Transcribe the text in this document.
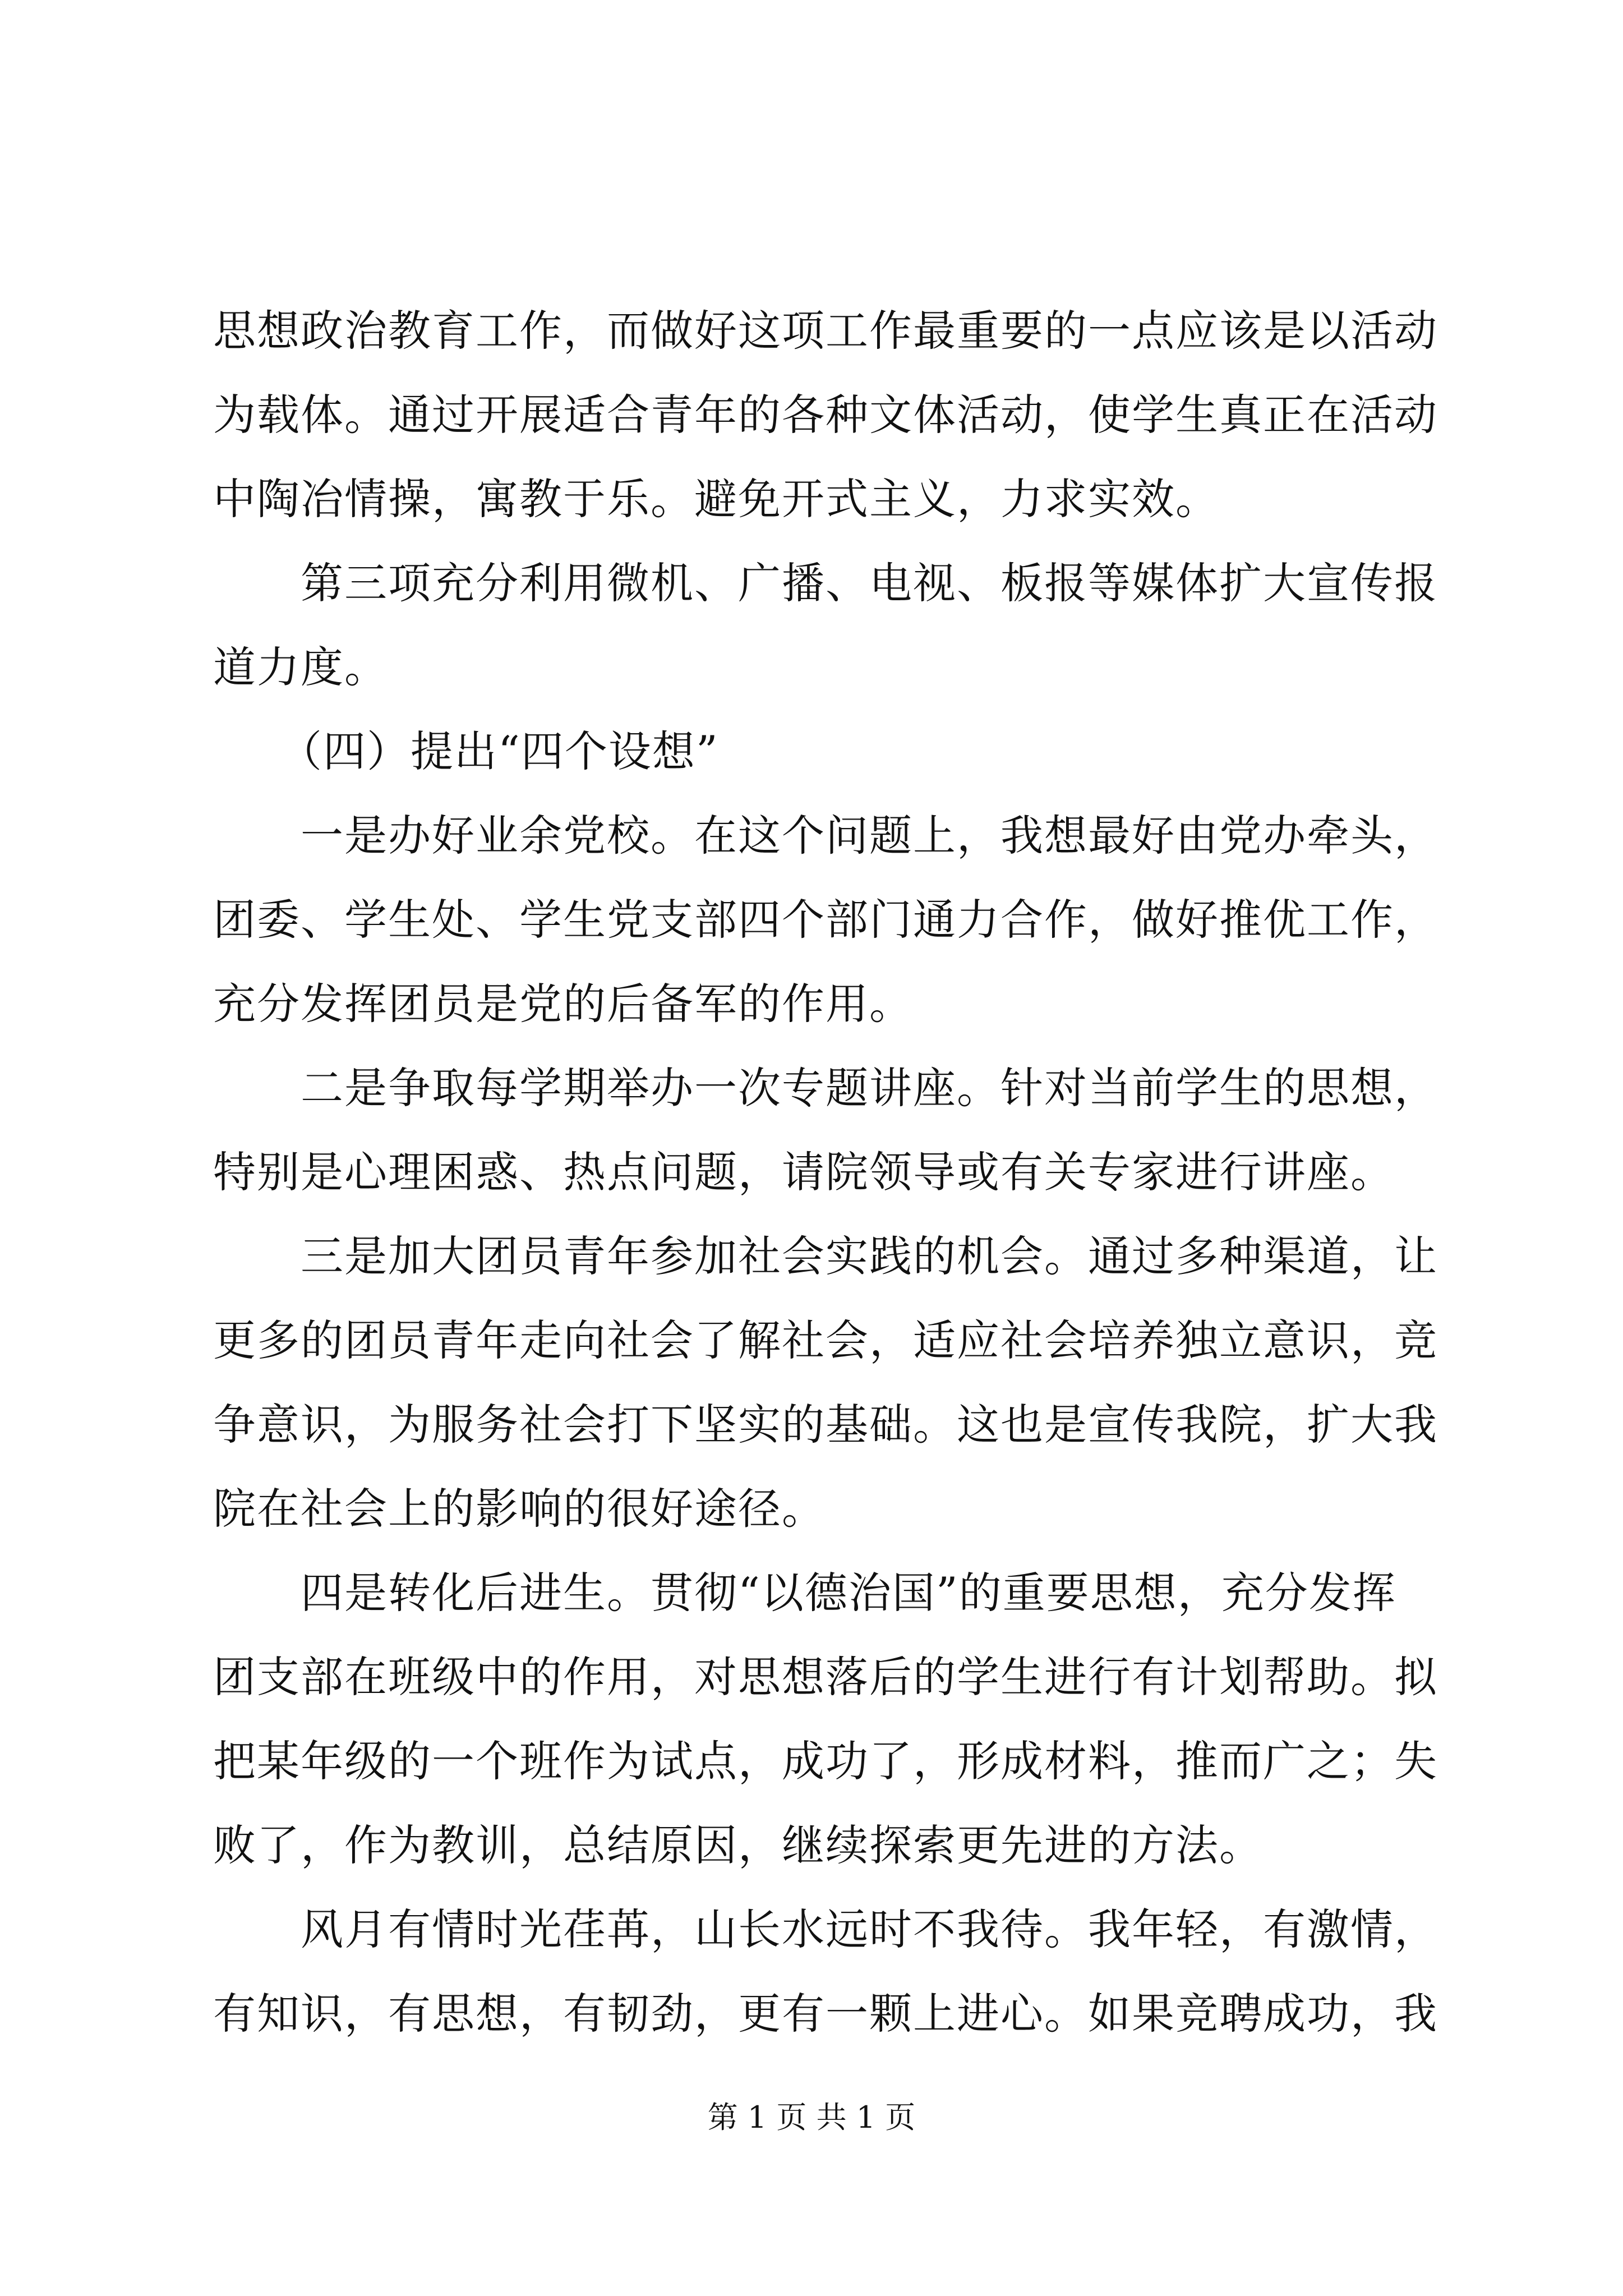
思想政治教育工作，而做好这项工作最重要的一点应该是以活动
为载体。通过开展适合青年的各种文体活动，使学生真正在活动
中陶冶情操，寓教于乐。避免开式主义，力求实效。
　　第三项充分利用微机、广播、电视、板报等媒体扩大宣传报
道力度。
　　（四）提出“四个设想”
　　一是办好业余党校。在这个问题上，我想最好由党办牵头，
团委、学生处、学生党支部四个部门通力合作，做好推优工作，
充分发挥团员是党的后备军的作用。
　　二是争取每学期举办一次专题讲座。针对当前学生的思想，
特别是心理困惑、热点问题，请院领导或有关专家进行讲座。
　　三是加大团员青年参加社会实践的机会。通过多种渠道，让
更多的团员青年走向社会了解社会，适应社会培养独立意识，竞
争意识，为服务社会打下坚实的基础。这也是宣传我院，扩大我
院在社会上的影响的很好途径。
　　四是转化后进生。贯彻“以德治国”的重要思想，充分发挥
团支部在班级中的作用，对思想落后的学生进行有计划帮助。拟
把某年级的一个班作为试点，成功了，形成材料，推而广之；失
败了，作为教训，总结原因，继续探索更先进的方法。
　　风月有情时光荏苒，山长水远时不我待。我年轻，有激情，
有知识，有思想，有韧劲，更有一颗上进心。如果竞聘成功，我
第 1 页 共 1 页
